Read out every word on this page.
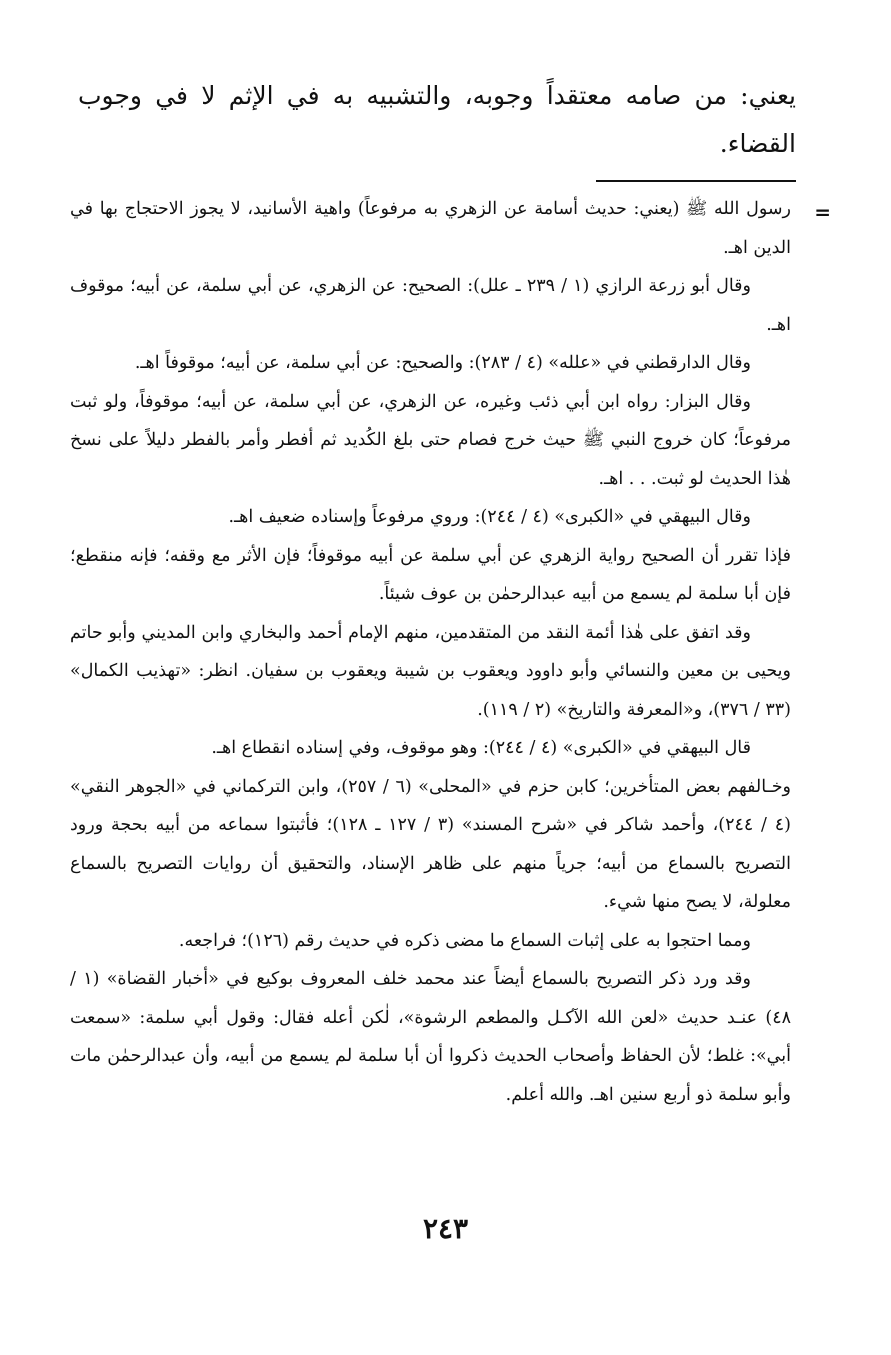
يعني: من صامه معتقداً وجوبه، والتشبيه به في الإثم لا في وجوب القضاء.

=

رسول الله ﷺ (يعني: حديث أسامة عن الزهري به مرفوعاً) واهية الأسانيد، لا يجوز الاحتجاج بها في الدين اهـ.

وقال أبو زرعة الرازي (١ / ٢٣٩ ـ علل): الصحيح: عن الزهري، عن أبي سلمة، عن أبيه؛ موقوف اهـ.

وقال الدارقطني في «علله» (٤ / ٢٨٣): والصحيح: عن أبي سلمة، عن أبيه؛ موقوفاً اهـ.

وقال البزار: رواه ابن أبي ذئب وغيره، عن الزهري، عن أبي سلمة، عن أبيه؛ موقوفاً، ولو ثبت مرفوعاً؛ كان خروج النبي ﷺ حيث خرج فصام حتى بلغ الكُديد ثم أفطر وأمر بالفطر دليلاً على نسخ هٰذا الحديث لو ثبت. . . اهـ.

وقال البيهقي في «الكبرى» (٤ / ٢٤٤): وروي مرفوعاً وإسناده ضعيف اهـ.

فإذا تقرر أن الصحيح رواية الزهري عن أبي سلمة عن أبيه موقوفاً؛ فإن الأثر مع وقفه؛ فإنه منقطع؛ فإن أبا سلمة لم يسمع من أبيه عبدالرحمٰن بن عوف شيئاً.

وقد اتفق على هٰذا أئمة النقد من المتقدمين، منهم الإمام أحمد والبخاري وابن المديني وأبو حاتم ويحيى بن معين والنسائي وأبو داوود ويعقوب بن شيبة ويعقوب بن سفيان. انظر: «تهذيب الكمال» (٣٣ / ٣٧٦)، و«المعرفة والتاريخ» (٢ / ١١٩).

قال البيهقي في «الكبرى» (٤ / ٢٤٤): وهو موقوف، وفي إسناده انقطاع اهـ.

وخـالفهم بعض المتأخرين؛ كابن حزم في «المحلى» (٦ / ٢٥٧)، وابن التركماني في «الجوهر النقي» (٤ / ٢٤٤)، وأحمد شاكر في «شرح المسند» (٣ / ١٢٧ ـ ١٢٨)؛ فأثبتوا سماعه من أبيه بحجة ورود التصريح بالسماع من أبيه؛ جرياً منهم على ظاهر الإسناد، والتحقيق أن روايات التصريح بالسماع معلولة، لا يصح منها شيء.

ومما احتجوا به على إثبات السماع ما مضى ذكره في حديث رقم (١٢٦)؛ فراجعه.

وقد ورد ذكر التصريح بالسماع أيضاً عند محمد خلف المعروف بوكيع في «أخبار القضاة» (١ / ٤٨) عنـد حديث «لعن الله الآكـل والمطعم الرشوة»، لٰكن أعله فقال: وقول أبي سلمة: «سمعت أبي»: غلط؛ لأن الحفاظ وأصحاب الحديث ذكروا أن أبا سلمة لم يسمع من أبيه، وأن عبدالرحمٰن مات وأبو سلمة ذو أربع سنين اهـ. والله أعلم.

٢٤٣
